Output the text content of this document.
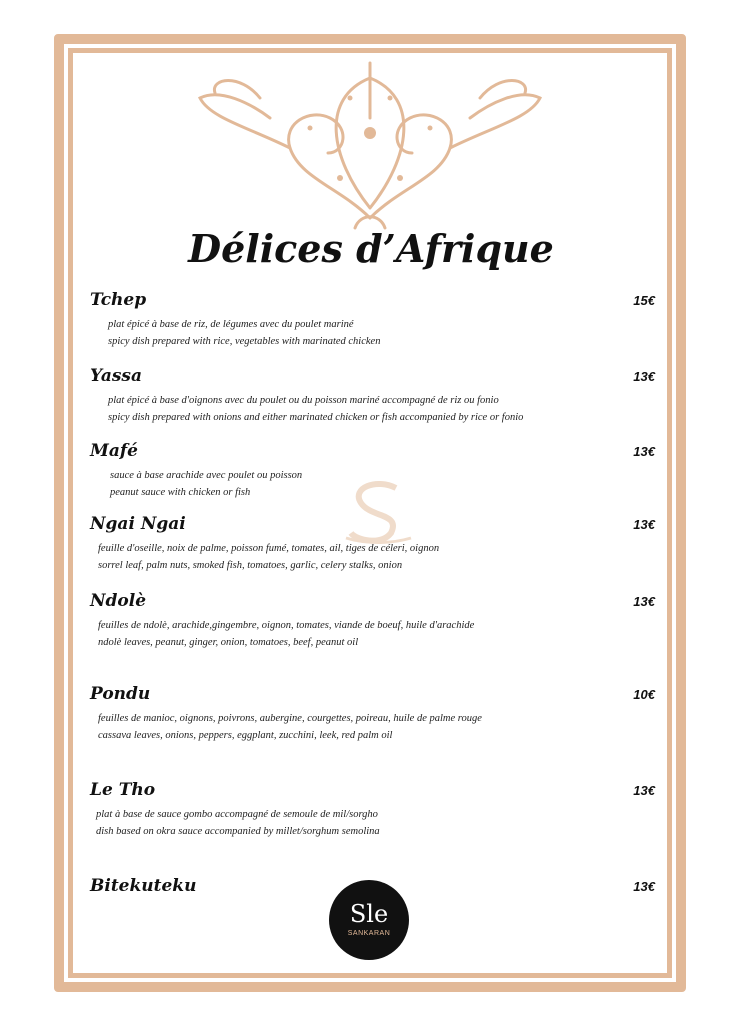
Délices d’Afrique
Tchep	15€
plat épicé à base de riz, de légumes avec du poulet mariné
spicy dish prepared with rice, vegetables with marinated chicken
Yassa	13€
plat épicé à base d'oignons avec du poulet ou du poisson mariné accompagné de riz ou fonio
spicy dish prepared with onions and either marinated chicken or fish accompanied by rice or fonio
Mafé	13€
sauce à base arachide avec poulet ou poisson
peanut sauce with chicken or fish
Ngai Ngai	13€
feuille d'oseille, noix de palme, poisson fumé, tomates, ail, tiges de céleri, oignon
sorrel leaf, palm nuts, smoked fish, tomatoes, garlic, celery stalks, onion
Ndolè	13€
feuilles de ndolè, arachide,gingembre, oignon, tomates, viande de boeuf, huile d'arachide
ndolè leaves, peanut, ginger, onion, tomatoes, beef, peanut oil
Pondu	10€
feuilles de manioc, oignons, poivrons, aubergine, courgettes, poireau, huile de palme rouge
cassava leaves, onions, peppers, eggplant, zucchini, leek, red palm oil
Le Tho	13€
plat à base de sauce gombo accompagné de semoule de mil/sorgho
dish based on okra sauce accompanied by millet/sorghum semolina
Bitekuteku	13€
Sle
SANKARAN
